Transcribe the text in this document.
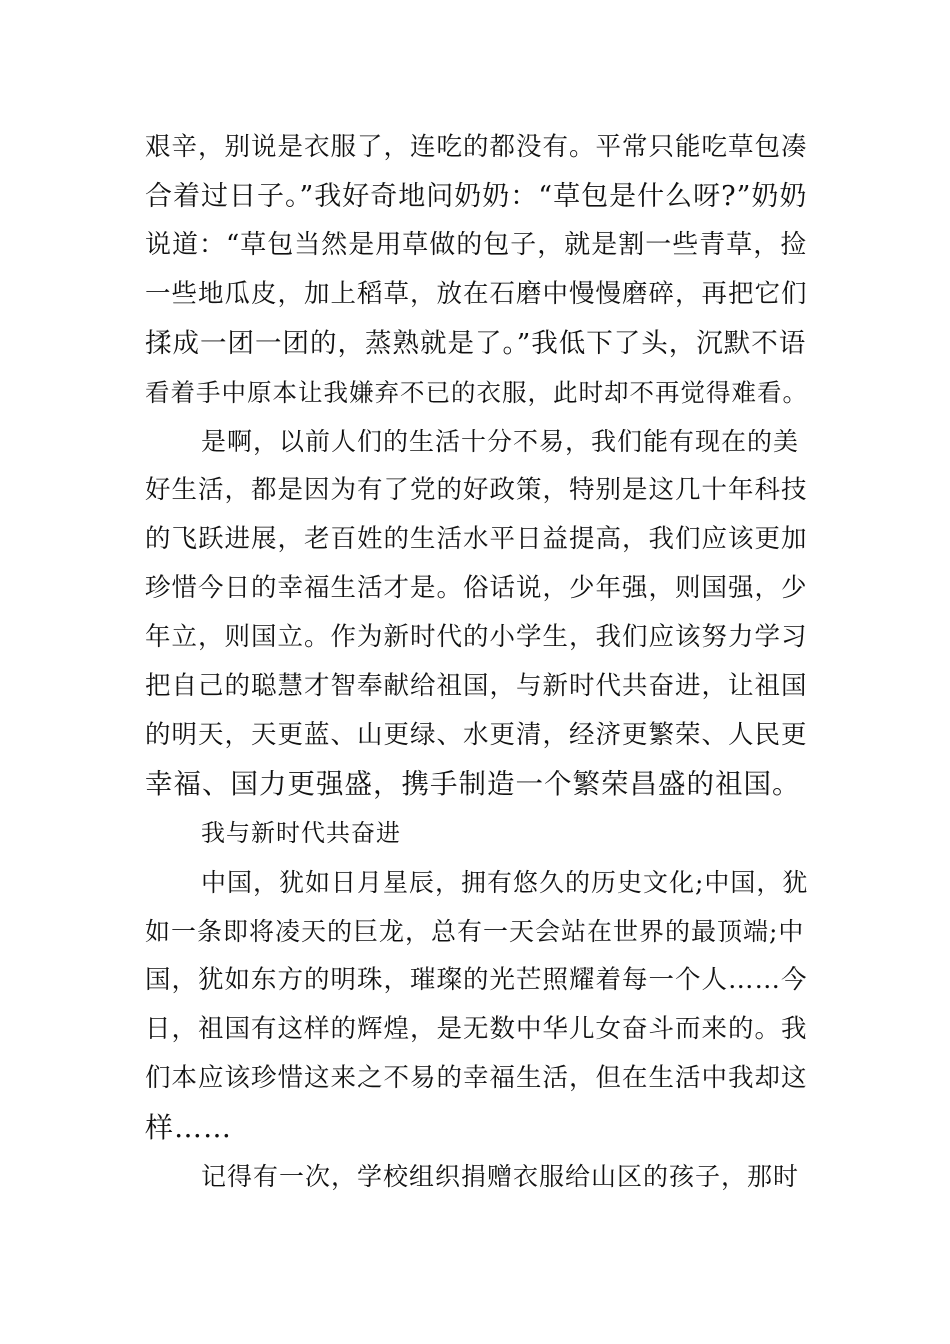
艰辛，别说是衣服了，连吃的都没有。平常只能吃草包凑
合着过日子。”我好奇地问奶奶：“草包是什么呀?”奶奶
说道：“草包当然是用草做的包子，就是割一些青草，捡
一些地瓜皮，加上稻草，放在石磨中慢慢磨碎，再把它们
揉成一团一团的，蒸熟就是了。”我低下了头，沉默不语
看着手中原本让我嫌弃不已的衣服，此时却不再觉得难看。
是啊，以前人们的生活十分不易，我们能有现在的美
好生活，都是因为有了党的好政策，特别是这几十年科技
的飞跃进展，老百姓的生活水平日益提高，我们应该更加
珍惜今日的幸福生活才是。俗话说，少年强，则国强，少
年立，则国立。作为新时代的小学生，我们应该努力学习
把自己的聪慧才智奉献给祖国，与新时代共奋进，让祖国
的明天，天更蓝、山更绿、水更清，经济更繁荣、人民更
幸福、国力更强盛，携手制造一个繁荣昌盛的祖国。
我与新时代共奋进
中国，犹如日月星辰，拥有悠久的历史文化;中国，犹
如一条即将凌天的巨龙，总有一天会站在世界的最顶端;中
国，犹如东方的明珠，璀璨的光芒照耀着每一个人……今
日，祖国有这样的辉煌，是无数中华儿女奋斗而来的。我
们本应该珍惜这来之不易的幸福生活，但在生活中我却这
样……
记得有一次，学校组织捐赠衣服给山区的孩子，那时
